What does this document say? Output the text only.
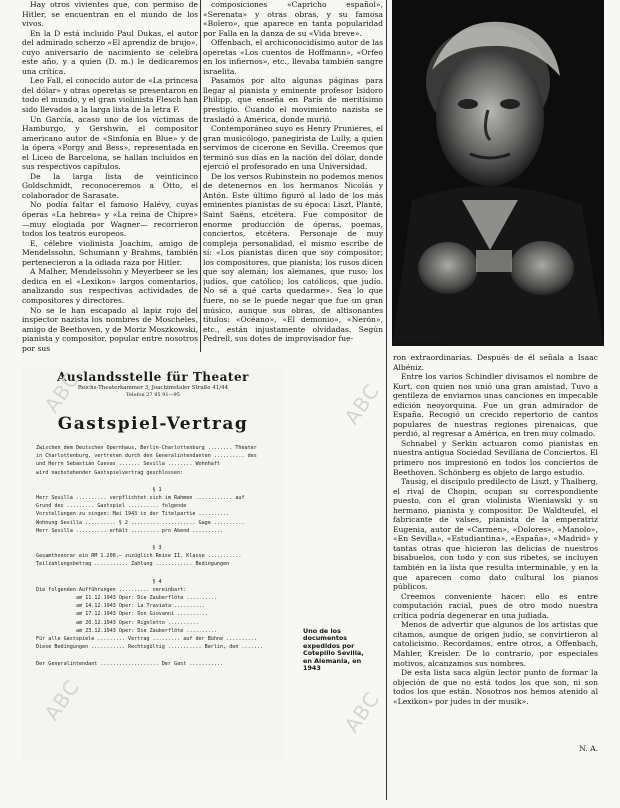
Hay otros vivientes que, con permiso de Hitler, se encuentran en el mundo de los vivos.

En la D está incluido Paul Dukas, el autor del admirado scherzo «El aprendiz de brujo», cuyo aniversario de nacimiento se celebra este año, y a quien (D. m.) le dedicaremos una crítica.

Leo Fall, el conocido autor de «La princesa del dólar» y otras operetas se presentaron en todo el mundo, y el gran violinista Flesch han sido llevados a la larga lista de la letra F.

Un García, acaso uno de los víctimas de Hamburgo, y Gershwin, el compositor americano autor de «Sinfonía en Blue» y de la ópera «Porgy and Bess», representada en el Liceo de Barcelona, se hallan incluidos en sus respectivos capítulos.

De la larga lista de veinticinco Goldschmidt, reconoceremos a Otto, el colaborador de Sarasate.

No podía faltar el famoso Halévy, cuyas óperas «La hebrea» y «La reina de Chipre» —muy elogiada por Wagner— recorrieron todos los teatros europeos.

E, célebre violinista Joachim, amigo de Mendelssohn, Schumann y Brahms, también pertenecieron a la odiada raza por Hitler.

A Malher, Mendelssohn y Meyerbeer se les dedica en el «Lexikon» largos comentarios, analizando sus respectivas actividades de compositores y directores.

No se le han escapado al lapiz rojo del inspector nazista los nombres de Moscheles, amigo de Beethoven, y de Moriz Moszkowski, pianista y compositor, popular entre nosotros por sus

composiciones «Capricho español», «Serenata» y otras obras, y su famosa «Bolero», que aparece en tanta popularidad por Falla en la danza de su «Vida breve».

Offenbach, el archiconocidísimo autor de las operetas «Los cuentos de Hoffmann», «Orfeo en los infiernos», etc., llevaba también sangre israelita.

Pasamos por alto algunas páginas para llegar al pianista y eminente profesor Isidoro Philipp, que enseña en París de meritísimo prestigio. Cuando el movimiento nazista se trasladó a América, donde murió.

Contemporáneo suyo es Henry Prunieres, el gran musicólogo, panegirista de Lully, a quien servimos de cicerone en Sevilla. Creemos que terminó sus días en la nación del dólar, donde ejerció el profesorado en una Universidad.

De los versos Rubinstein no podemos menos de detenernos en los hermanos Nicolás y Antón. Este último figuró al lado de los más eminentes pianistas de su época: Liszt, Planté, Saint Saëns, etcétera. Fue compositor de enorme producción de óperas, poemas, conciertos, etcétera. Personaje de muy compleja personalidad, el mismo escribe de sí: «Los pianistas dicen que soy compositor; los compositores, que pianista; los rusos dicen que soy alemán; los alemanes, que ruso; los judíos, que católico; los católicos, que judío. No sé a qué carta quedarme». Sea lo que fuere, no se le puede negar que fue un gran músico, aunque sus obras, de altisonantes títulos: «Océano», «El demonio», «Nerón», etc., están injustamente olvidadas. Según Pedrell, sus dotes de improvisador fue-

Bruno Walter

ron extraordinarias. Después de él señala a Isaac Albéniz.

Entre los varios Schindler divisamos el nombre de Kurt, con quien nos unió una gran amistad. Tuvo a gentileza de enviarnos unas canciones en impecable edición neoyorquina. Fue un gran admirador de España. Recogió un crecido repertorio de cantos populares de nuestras regiones pirenaicas, que perdió, al regresar a América, en tren muy colmado.

Schnabel y Serkin actuaron como pianistas en nuestra antigua Sociedad Sevillana de Conciertos. El primero nos impresionó en todos los conciertos de Beethoven. Schönberg es objeto de largo estudio.

Tausig, el discípulo predilecto de Liszt, y Thalberg, el rival de Chopin, ocupan su correspondiente puesto, con el gran violinista Wieniawski y su hermano, pianista y compositor. De Waldteufel, el fabricante de valses, pianista de la emperatriz Eugenia, autor de «Carmen», «Dolores», «Manolo», «En Sevilla», «Estudiantina», «España», «Madrid» y tantas otras que hicieron las delicias de nuestros bisabuelos, con todo y con sus ribetes, se incluyen también en la lista que resulta interminable, y en la que aparecen como dato cultural los pianos públicos.

Creemos conveniente hacer: ello es entre computación racial, pues de otro modo nuestra crítica podría degenerar en una judiada.

Menos de advertir que algunos de los artistas que citamos, aunque de origen judío, se convirtieron al catolicismo. Recordamos, entre otros, a Offenbach, Mahler, Kreisler. De lo contrario, por especiales motivos, alcanzamos sus nombres.

De esta lista saca algún lector punto de formar la objeción de que no está todos los que son, ni son todos los que están. Nosotros nos hemos atenido al «Lexikon» por judes in der musik».

N. A.
Auslandsstelle für Theater
Reichs-Theaterkammer 3, Joachimstaler Straße 41/44
Telefon 27 95 91—95
Gastspiel-Vertrag
Zwischen dem Deutschen Opernhaus, Berlin-Charlottenburg ........ Theater
in Charlottenburg, vertreten durch den Generalintendanten .......... des
und Herrn Sebastián Cuevas ....... Sevilla ........ Wohnhaft
wird nachstehender Gastspielvertrag geschlossen:
§ 1
Herr Sevilla .......... verpflichtet sich im Rahmen ............ auf
Grund des ......... Gastspiel .......... folgende
Vorstellungen zu singen: Mai 1943 in der Titelpartie ..........
Wohnung Sevilla .......... § 2 ......... ........... Gage ..........
Herr Sevilla .......... erhält ......... pro Abend ..........
§ 3
Gesamthonorar ein RM 1.200,— zuzüglich Reise II. Klasse ...........
Teilzahlungsbetrag ........... Zahlung ............ Bedingungen
§ 4
Die folgenden Aufführungen .......... vereinbart:
am 11.12.1943 Oper: Die Zauberflöte ..........
am 14.12.1943 Oper: La Traviata ..........
am 17.12.1943 Oper: Don Giovanni ..........
am 20.12.1943 Oper: Rigoletto ..........
am 23.12.1943 Oper: Die Zauberflöte ..........
Für alle Gastspiele ......... Vertrag ......... auf der Bühne ..........
Diese Bedingungen ........... Rechtsgültig ........... Berlin, den .......
Der Generalintendant ................... Der Gast ...........
Uno de los documentos expedidos por Cotepillo Sevilla, en Alemania, en 1943
ABC	ABC
ABC	ABC
